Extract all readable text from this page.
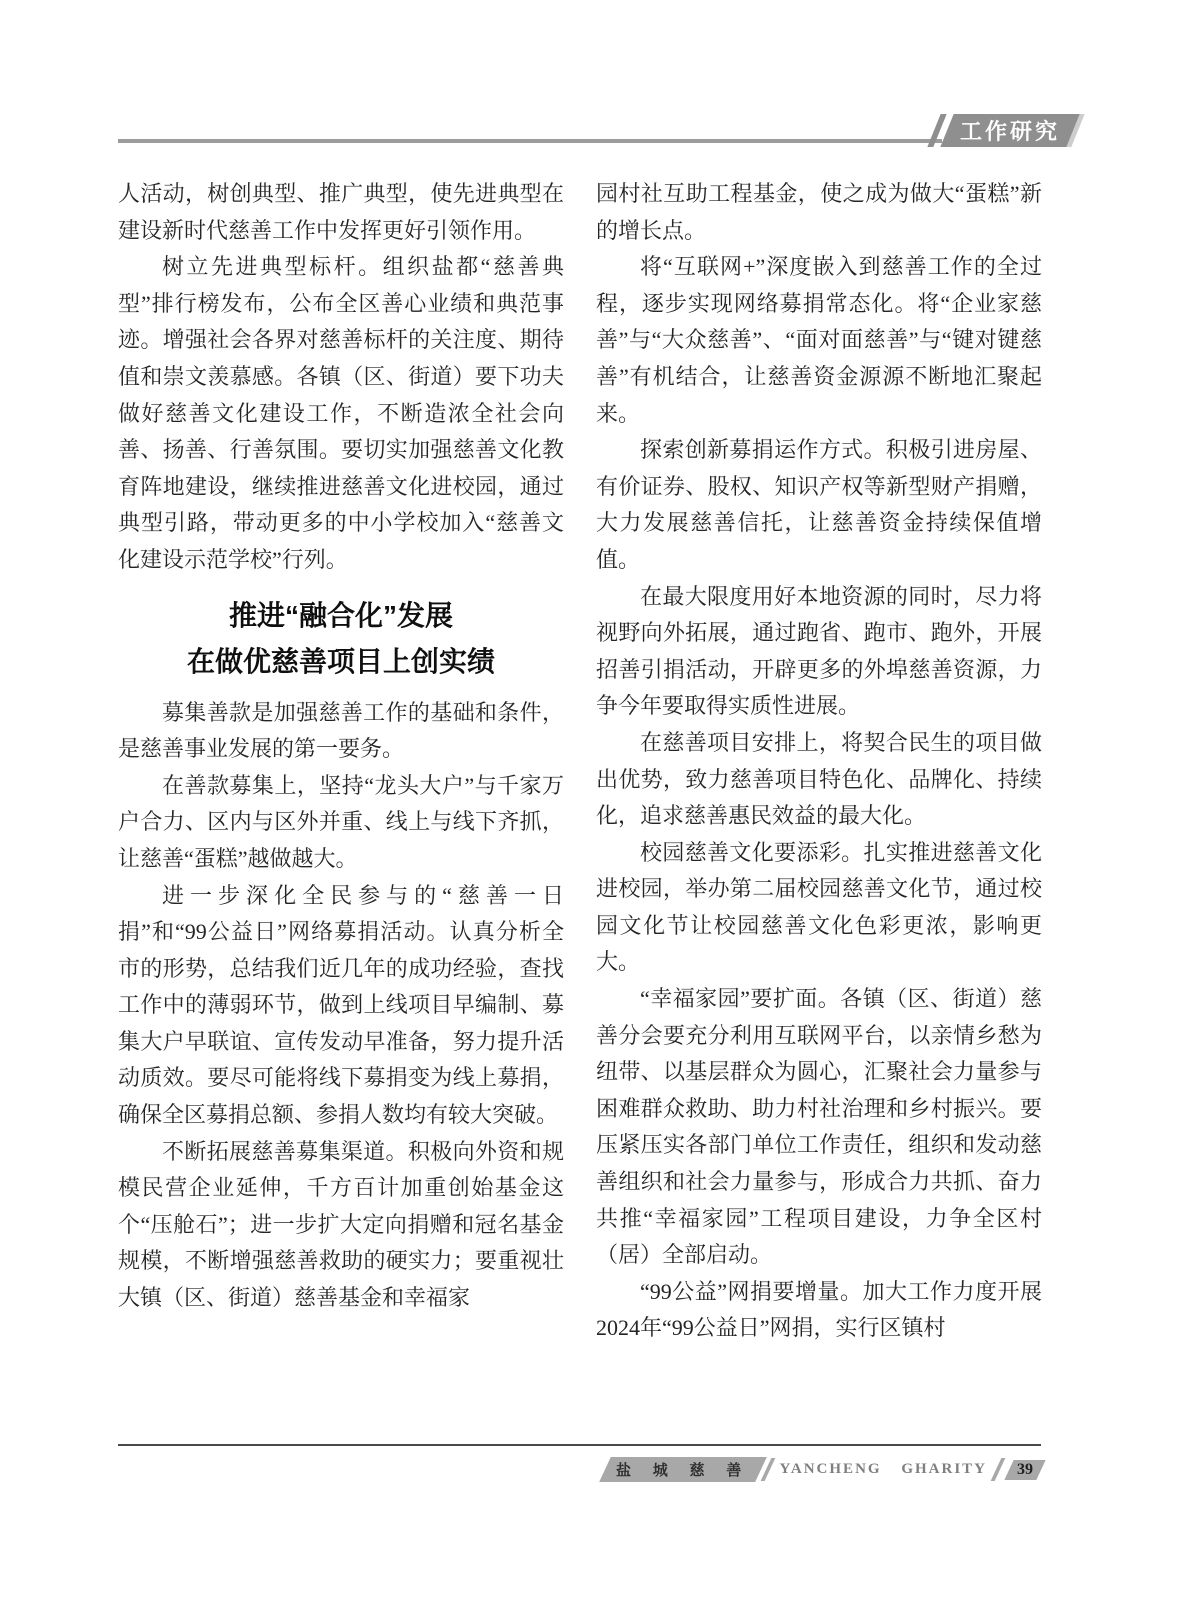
工作研究

人活动，树创典型、推广典型，使先进典型在建设新时代慈善工作中发挥更好引领作用。

树立先进典型标杆。组织盐都“慈善典型”排行榜发布，公布全区善心业绩和典范事迹。增强社会各界对慈善标杆的关注度、期待值和崇文羡慕感。各镇（区、街道）要下功夫做好慈善文化建设工作，不断造浓全社会向善、扬善、行善氛围。要切实加强慈善文化教育阵地建设，继续推进慈善文化进校园，通过典型引路，带动更多的中小学校加入“慈善文化建设示范学校”行列。

推进“融合化”发展
在做优慈善项目上创实绩

募集善款是加强慈善工作的基础和条件，是慈善事业发展的第一要务。

在善款募集上，坚持“龙头大户”与千家万户合力、区内与区外并重、线上与线下齐抓，让慈善“蛋糕”越做越大。

进一步深化全民参与的“慈善一日捐”和“99公益日”网络募捐活动。认真分析全市的形势，总结我们近几年的成功经验，查找工作中的薄弱环节，做到上线项目早编制、募集大户早联谊、宣传发动早准备，努力提升活动质效。要尽可能将线下募捐变为线上募捐，确保全区募捐总额、参捐人数均有较大突破。

不断拓展慈善募集渠道。积极向外资和规模民营企业延伸，千方百计加重创始基金这个“压舱石”；进一步扩大定向捐赠和冠名基金规模，不断增强慈善救助的硬实力；要重视壮大镇（区、街道）慈善基金和幸福家

园村社互助工程基金，使之成为做大“蛋糕”新的增长点。

将“互联网+”深度嵌入到慈善工作的全过程，逐步实现网络募捐常态化。将“企业家慈善”与“大众慈善”、“面对面慈善”与“键对键慈善”有机结合，让慈善资金源源不断地汇聚起来。

探索创新募捐运作方式。积极引进房屋、有价证券、股权、知识产权等新型财产捐赠，大力发展慈善信托，让慈善资金持续保值增值。

在最大限度用好本地资源的同时，尽力将视野向外拓展，通过跑省、跑市、跑外，开展招善引捐活动，开辟更多的外埠慈善资源，力争今年要取得实质性进展。

在慈善项目安排上，将契合民生的项目做出优势，致力慈善项目特色化、品牌化、持续化，追求慈善惠民效益的最大化。

校园慈善文化要添彩。扎实推进慈善文化进校园，举办第二届校园慈善文化节，通过校园文化节让校园慈善文化色彩更浓，影响更大。

“幸福家园”要扩面。各镇（区、街道）慈善分会要充分利用互联网平台，以亲情乡愁为纽带、以基层群众为圆心，汇聚社会力量参与困难群众救助、助力村社治理和乡村振兴。要压紧压实各部门单位工作责任，组织和发动慈善组织和社会力量参与，形成合力共抓、奋力共推“幸福家园”工程项目建设，力争全区村（居）全部启动。

“99公益”网捐要增量。加大工作力度开展2024年“99公益日”网捐，实行区镇村

盐 城 慈 善	YANCHENG GHARITY	39
